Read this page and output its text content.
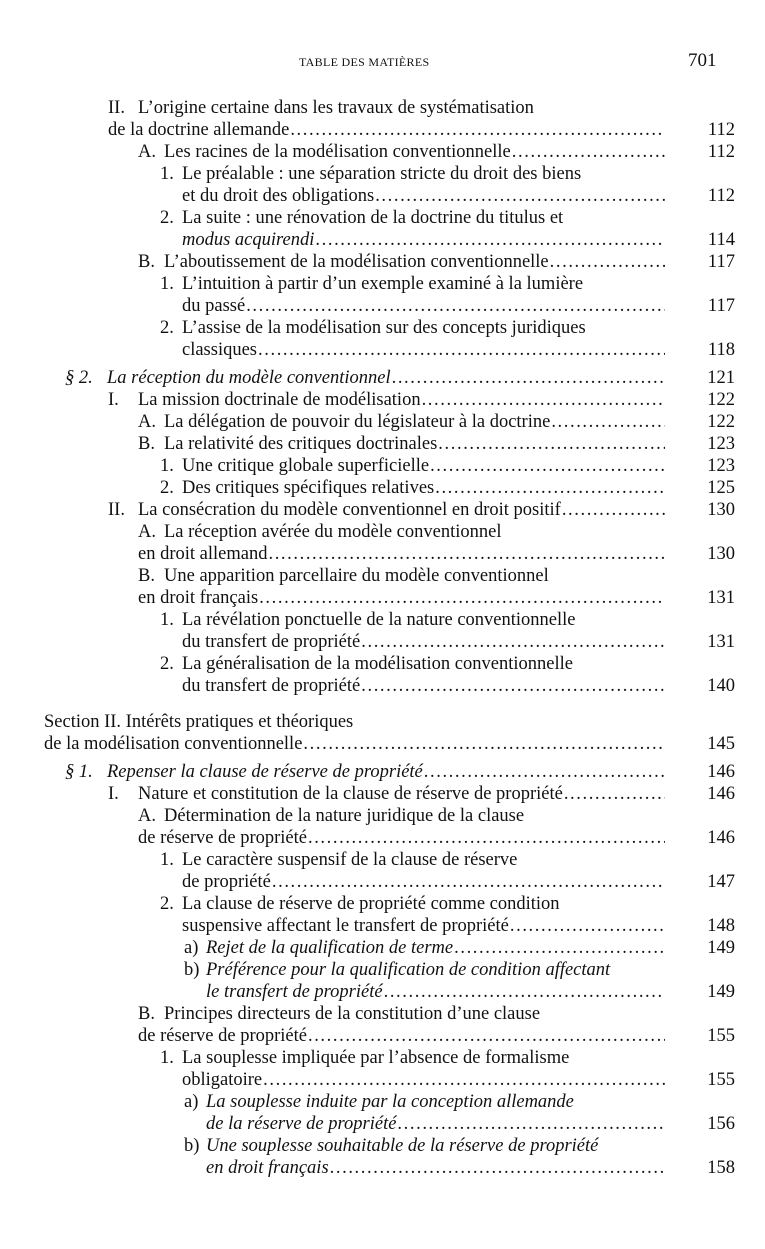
TABLE DES MATIÈRES	701
II. L’origine certaine dans les travaux de systématisation
de la doctrine allemande .....	112
A. Les racines de la modélisation conventionnelle .....	112
1. Le préalable : une séparation stricte du droit des biens
et du droit des obligations .....	112
2. La suite : une rénovation de la doctrine du titulus et
modus acquirendi .....	114
B. L’aboutissement de la modélisation conventionnelle .....	117
1. L’intuition à partir d’un exemple examiné à la lumière
du passé .....	117
2. L’assise de la modélisation sur des concepts juridiques
classiques .....	118
§ 2. La réception du modèle conventionnel .....	121
I.	La mission doctrinale de modélisation .....	122
A. La délégation de pouvoir du législateur à la doctrine .....	122
B. La relativité des critiques doctrinales .....	123
1. Une critique globale superficielle .....	123
2. Des critiques spécifiques relatives .....	125
II. La consécration du modèle conventionnel en droit positif .....	130
A. La réception avérée du modèle conventionnel
en droit allemand .....	130
B. Une apparition parcellaire du modèle conventionnel
en droit français .....	131
1. La révélation ponctuelle de la nature conventionnelle
du transfert de propriété .....	131
2. La généralisation de la modélisation conventionnelle
du transfert de propriété .....	140
Section II. Intérêts pratiques et théoriques
de la modélisation conventionnelle .....	145
§ 1. Repenser la clause de réserve de propriété .....	146
I.	Nature et constitution de la clause de réserve de propriété .....	146
A. Détermination de la nature juridique de la clause
de réserve de propriété .....	146
1. Le caractère suspensif de la clause de réserve
de propriété .....	147
2. La clause de réserve de propriété comme condition
suspensive affectant le transfert de propriété .....	148
a) Rejet de la qualification de terme .....	149
b) Préférence pour la qualification de condition affectant
le transfert de propriété .....	149
B. Principes directeurs de la constitution d’une clause
de réserve de propriété .....	155
1. La souplesse impliquée par l’absence de formalisme
obligatoire .....	155
a) La souplesse induite par la conception allemande
de la réserve de propriété .....	156
b) Une souplesse souhaitable de la réserve de propriété
en droit français .....	158
